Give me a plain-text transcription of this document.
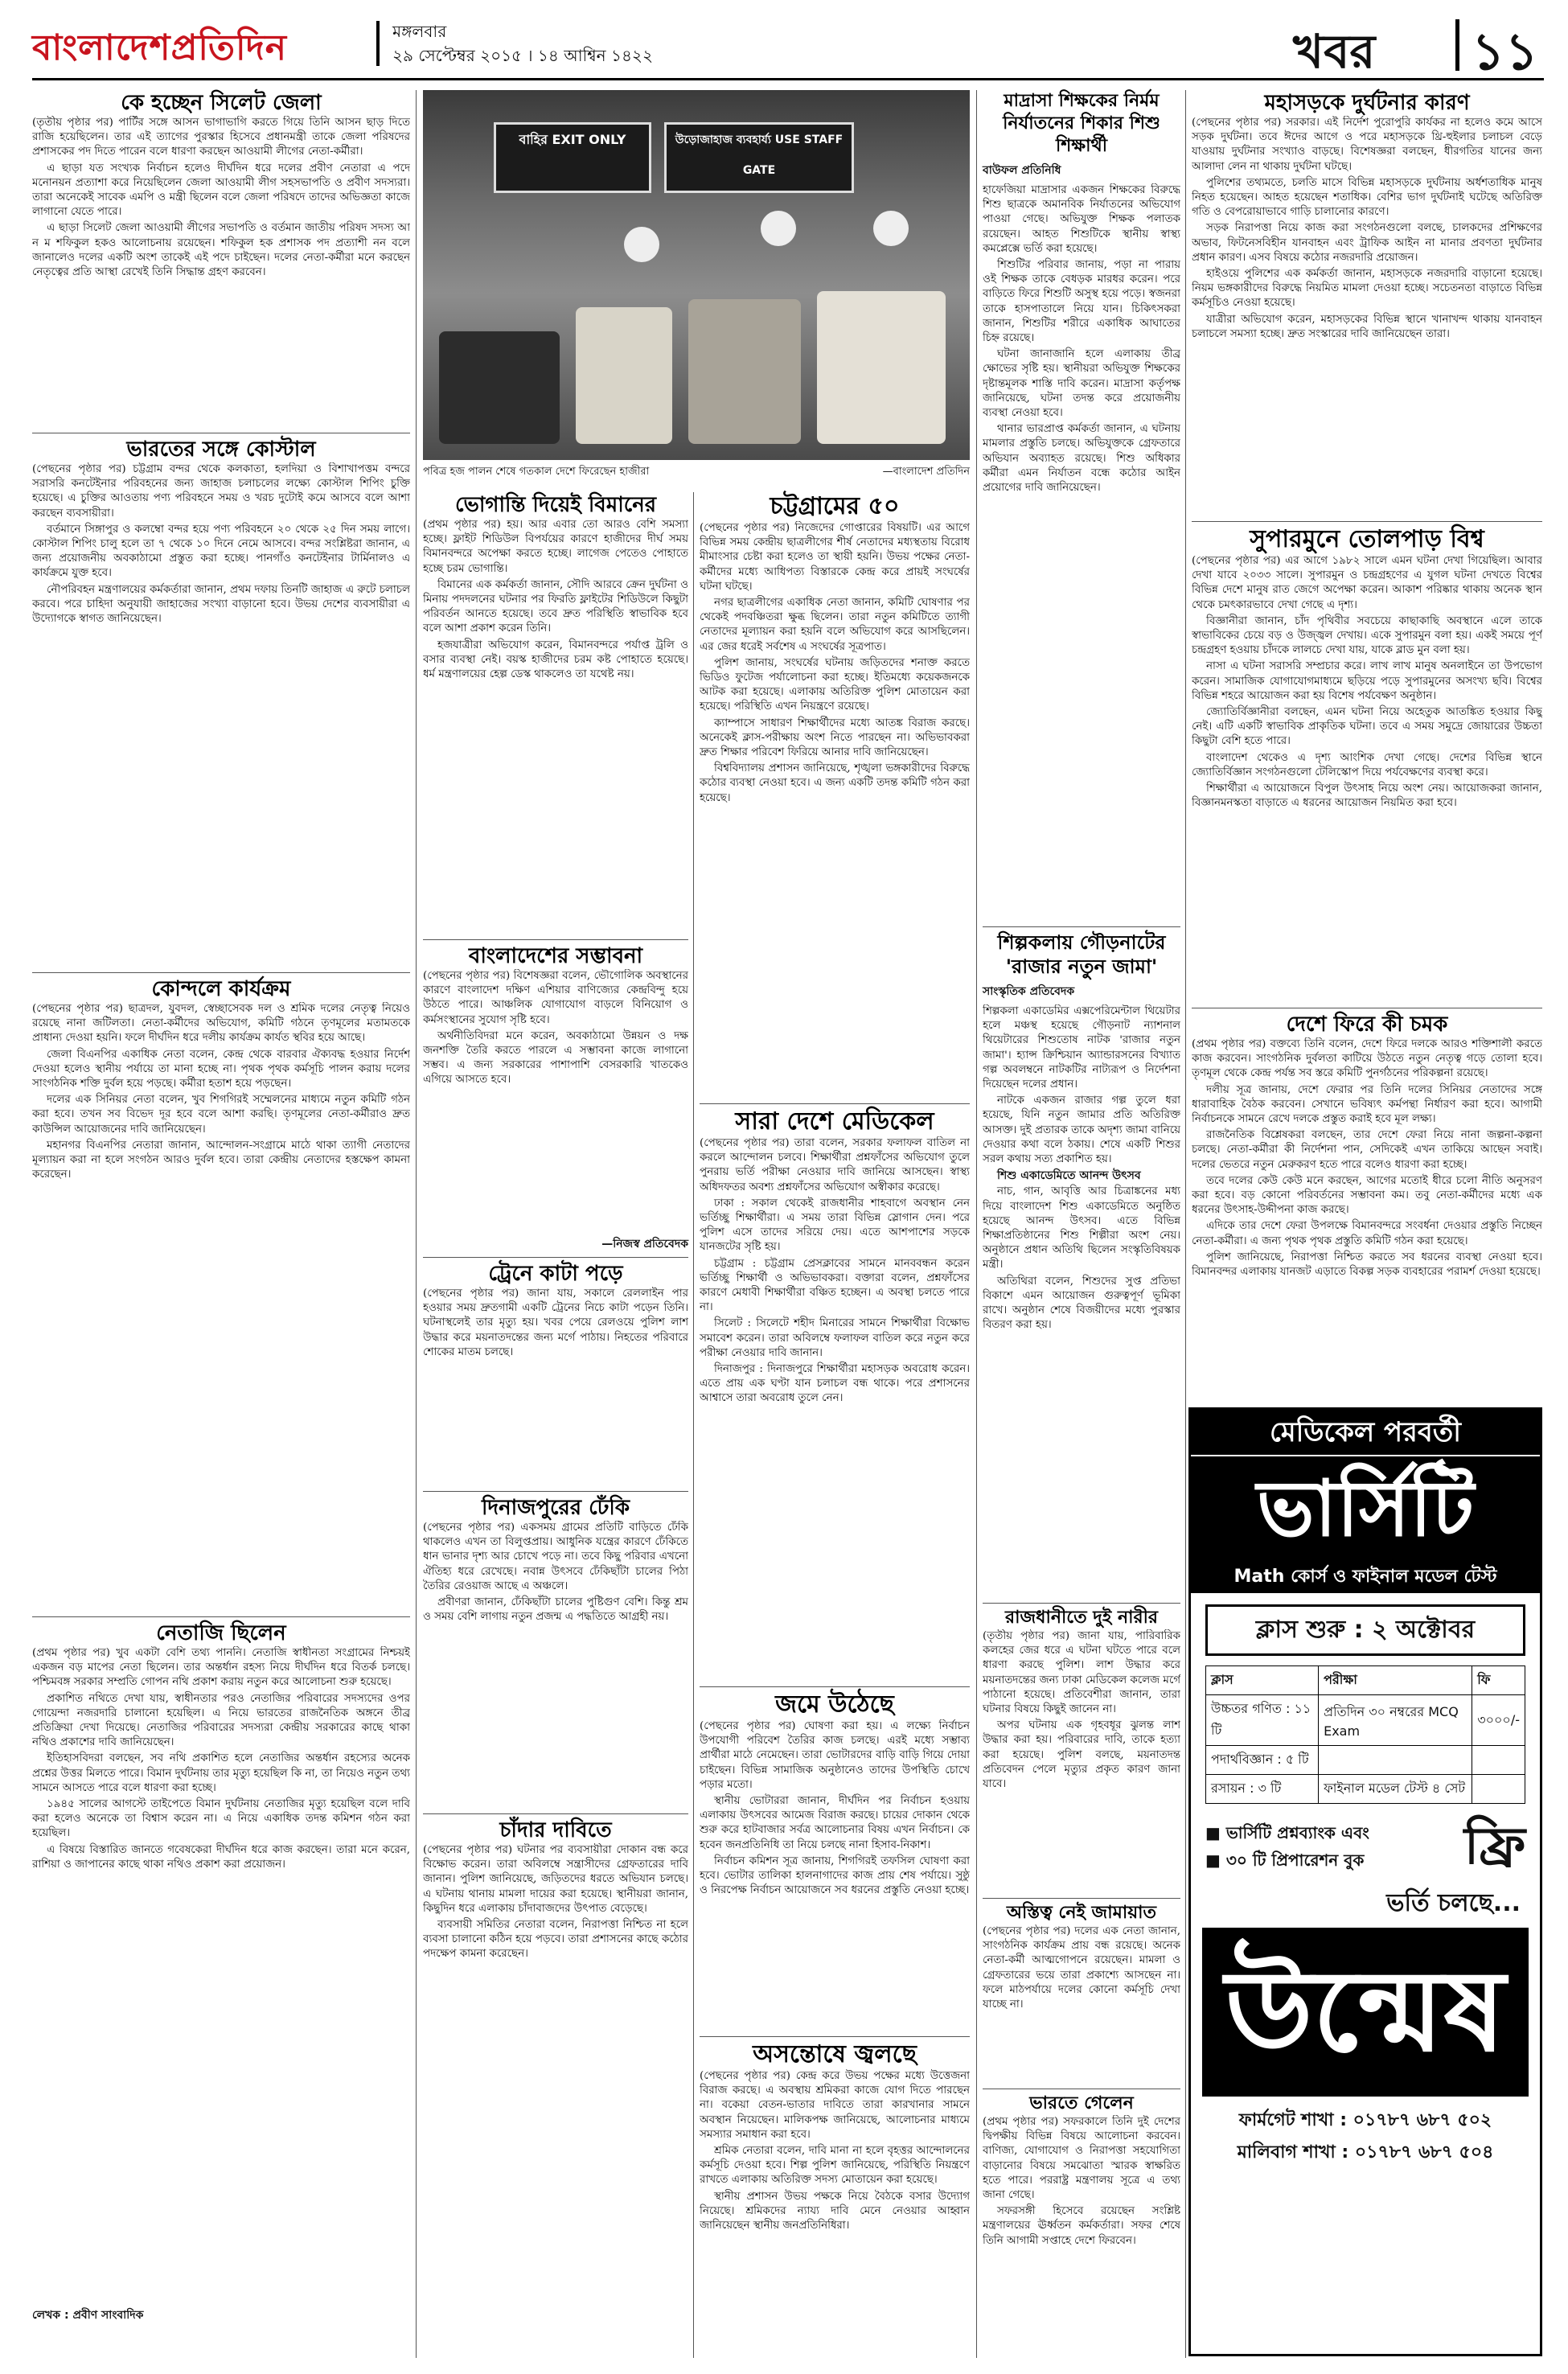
বাংলাদেশপ্রতিদিন	মঙ্গলবার
২৯ সেপ্টেম্বর ২০১৫ । ১৪ আশ্বিন ১৪২২	খবর ১১
কে হচ্ছেন সিলেট জেলা

(তৃতীয় পৃষ্ঠার পর) পার্টির সঙ্গে আসন ভাগাভাগি করতে গিয়ে তিনি আসন ছাড় দিতে রাজি হয়েছিলেন। তার এই ত্যাগের পুরস্কার হিসেবে প্রধানমন্ত্রী তাকে জেলা পরিষদের প্রশাসকের পদ দিতে পারেন বলে ধারণা করছেন আওয়ামী লীগের নেতা-কর্মীরা।

এ ছাড়া যত সংখ্যক নির্বাচন হলেও দীর্ঘদিন ধরে দলের প্রবীণ নেতারা এ পদে মনোনয়ন প্রত্যাশা করে নিয়েছিলেন জেলা আওয়ামী লীগ সহসভাপতি ও প্রবীণ সদস্যরা। তারা অনেকেই সাবেক এমপি ও মন্ত্রী ছিলেন বলে জেলা পরিষদে তাদের অভিজ্ঞতা কাজে লাগানো যেতে পারে।

এ ছাড়া সিলেট জেলা আওয়ামী লীগের সভাপতি ও বর্তমান জাতীয় পরিষদ সদস্য আ ন ম শফিকুল হকও আলোচনায় রয়েছেন। শফিকুল হক প্রশাসক পদ প্রত্যাশী নন বলে জানালেও দলের একটি অংশ তাকেই এই পদে চাইছেন। দলের নেতা-কর্মীরা মনে করছেন নেতৃত্বের প্রতি আস্থা রেখেই তিনি সিদ্ধান্ত গ্রহণ করবেন।

ভারতের সঙ্গে কোস্টাল

(পেছনের পৃষ্ঠার পর) চট্টগ্রাম বন্দর থেকে কলকাতা, হলদিয়া ও বিশাখাপত্তম বন্দরে সরাসরি কনটেইনার পরিবহনের জন্য জাহাজ চলাচলের লক্ষ্যে কোস্টাল শিপিং চুক্তি হয়েছে। এ চুক্তির আওতায় পণ্য পরিবহনে সময় ও খরচ দুটোই কমে আসবে বলে আশা করছেন ব্যবসায়ীরা।

বর্তমানে সিঙ্গাপুর ও কলম্বো বন্দর হয়ে পণ্য পরিবহনে ২০ থেকে ২৫ দিন সময় লাগে। কোস্টাল শিপিং চালু হলে তা ৭ থেকে ১০ দিনে নেমে আসবে। বন্দর সংশ্লিষ্টরা জানান, এ জন্য প্রয়োজনীয় অবকাঠামো প্রস্তুত করা হচ্ছে। পানগাঁও কনটেইনার টার্মিনালও এ কার্যক্রমে যুক্ত হবে।

নৌপরিবহন মন্ত্রণালয়ের কর্মকর্তারা জানান, প্রথম দফায় তিনটি জাহাজ এ রুটে চলাচল করবে। পরে চাহিদা অনুযায়ী জাহাজের সংখ্যা বাড়ানো হবে। উভয় দেশের ব্যবসায়ীরা এ উদ্যোগকে স্বাগত জানিয়েছেন।

কোন্দলে কার্যক্রম

(পেছনের পৃষ্ঠার পর) ছাত্রদল, যুবদল, স্বেচ্ছাসেবক দল ও শ্রমিক দলের নেতৃত্ব নিয়েও রয়েছে নানা জটিলতা। নেতা-কর্মীদের অভিযোগ, কমিটি গঠনে তৃণমূলের মতামতকে প্রাধান্য দেওয়া হয়নি। ফলে দীর্ঘদিন ধরে দলীয় কার্যক্রম কার্যত স্থবির হয়ে আছে।

জেলা বিএনপির একাধিক নেতা বলেন, কেন্দ্র থেকে বারবার ঐক্যবদ্ধ হওয়ার নির্দেশ দেওয়া হলেও স্থানীয় পর্যায়ে তা মানা হচ্ছে না। পৃথক পৃথক কর্মসূচি পালন করায় দলের সাংগঠনিক শক্তি দুর্বল হয়ে পড়ছে। কর্মীরা হতাশ হয়ে পড়ছেন।

দলের এক সিনিয়র নেতা বলেন, খুব শিগগিরই সম্মেলনের মাধ্যমে নতুন কমিটি গঠন করা হবে। তখন সব বিভেদ দূর হবে বলে আশা করছি। তৃণমূলের নেতা-কর্মীরাও দ্রুত কাউন্সিল আয়োজনের দাবি জানিয়েছেন।

মহানগর বিএনপির নেতারা জানান, আন্দোলন-সংগ্রামে মাঠে থাকা ত্যাগী নেতাদের মূল্যায়ন করা না হলে সংগঠন আরও দুর্বল হবে। তারা কেন্দ্রীয় নেতাদের হস্তক্ষেপ কামনা করেছেন।

নেতাজি ছিলেন

(প্রথম পৃষ্ঠার পর) খুব একটা বেশি তথ্য পাননি। নেতাজি স্বাধীনতা সংগ্রামের নিশ্চয়ই একজন বড় মাপের নেতা ছিলেন। তার অন্তর্ধান রহস্য নিয়ে দীর্ঘদিন ধরে বিতর্ক চলছে। পশ্চিমবঙ্গ সরকার সম্প্রতি গোপন নথি প্রকাশ করায় নতুন করে আলোচনা শুরু হয়েছে।

প্রকাশিত নথিতে দেখা যায়, স্বাধীনতার পরও নেতাজির পরিবারের সদস্যদের ওপর গোয়েন্দা নজরদারি চালানো হয়েছিল। এ নিয়ে ভারতের রাজনৈতিক অঙ্গনে তীব্র প্রতিক্রিয়া দেখা দিয়েছে। নেতাজির পরিবারের সদস্যরা কেন্দ্রীয় সরকারের কাছে থাকা নথিও প্রকাশের দাবি জানিয়েছেন।

ইতিহাসবিদরা বলছেন, সব নথি প্রকাশিত হলে নেতাজির অন্তর্ধান রহস্যের অনেক প্রশ্নের উত্তর মিলতে পারে। বিমান দুর্ঘটনায় তার মৃত্যু হয়েছিল কি না, তা নিয়েও নতুন তথ্য সামনে আসতে পারে বলে ধারণা করা হচ্ছে।

১৯৪৫ সালের আগস্টে তাইপেতে বিমান দুর্ঘটনায় নেতাজির মৃত্যু হয়েছিল বলে দাবি করা হলেও অনেকে তা বিশ্বাস করেন না। এ নিয়ে একাধিক তদন্ত কমিশন গঠন করা হয়েছিল।

এ বিষয়ে বিস্তারিত জানতে গবেষকেরা দীর্ঘদিন ধরে কাজ করছেন। তারা মনে করেন, রাশিয়া ও জাপানের কাছে থাকা নথিও প্রকাশ করা প্রয়োজন।

লেখক : প্রবীণ সাংবাদিক
বাহির EXIT ONLY	উড়োজাহাজ ব্যবহার্য্য USE STAFF GATE
পবিত্র হজ পালন শেষে গতকাল দেশে ফিরেছেন হাজীরা	—বাংলাদেশ প্রতিদিন
ভোগান্তি দিয়েই বিমানের

(প্রথম পৃষ্ঠার পর) হয়। আর এবার তো আরও বেশি সমস্যা হচ্ছে। ফ্লাইট শিডিউল বিপর্যয়ের কারণে হাজীদের দীর্ঘ সময় বিমানবন্দরে অপেক্ষা করতে হচ্ছে। লাগেজ পেতেও পোহাতে হচ্ছে চরম ভোগান্তি।

বিমানের এক কর্মকর্তা জানান, সৌদি আরবে ক্রেন দুর্ঘটনা ও মিনায় পদদলনের ঘটনার পর ফিরতি ফ্লাইটের শিডিউলে কিছুটা পরিবর্তন আনতে হয়েছে। তবে দ্রুত পরিস্থিতি স্বাভাবিক হবে বলে আশা প্রকাশ করেন তিনি।

হজযাত্রীরা অভিযোগ করেন, বিমানবন্দরে পর্যাপ্ত ট্রলি ও বসার ব্যবস্থা নেই। বয়স্ক হাজীদের চরম কষ্ট পোহাতে হয়েছে। ধর্ম মন্ত্রণালয়ের হেল্প ডেস্ক থাকলেও তা যথেষ্ট নয়।

বাংলাদেশের সম্ভাবনা

(পেছনের পৃষ্ঠার পর) বিশেষজ্ঞরা বলেন, ভৌগোলিক অবস্থানের কারণে বাংলাদেশ দক্ষিণ এশিয়ার বাণিজ্যের কেন্দ্রবিন্দু হয়ে উঠতে পারে। আঞ্চলিক যোগাযোগ বাড়লে বিনিয়োগ ও কর্মসংস্থানের সুযোগ সৃষ্টি হবে।

অর্থনীতিবিদরা মনে করেন, অবকাঠামো উন্নয়ন ও দক্ষ জনশক্তি তৈরি করতে পারলে এ সম্ভাবনা কাজে লাগানো সম্ভব। এ জন্য সরকারের পাশাপাশি বেসরকারি খাতকেও এগিয়ে আসতে হবে।

—নিজস্ব প্রতিবেদক
ট্রেনে কাটা পড়ে

(পেছনের পৃষ্ঠার পর) জানা যায়, সকালে রেললাইন পার হওয়ার সময় দ্রুতগামী একটি ট্রেনের নিচে কাটা পড়েন তিনি। ঘটনাস্থলেই তার মৃত্যু হয়। খবর পেয়ে রেলওয়ে পুলিশ লাশ উদ্ধার করে ময়নাতদন্তের জন্য মর্গে পাঠায়। নিহতের পরিবারে শোকের মাতম চলছে।

দিনাজপুরের ঢেঁকি

(পেছনের পৃষ্ঠার পর) একসময় গ্রামের প্রতিটি বাড়িতে ঢেঁকি থাকলেও এখন তা বিলুপ্তপ্রায়। আধুনিক যন্ত্রের কারণে ঢেঁকিতে ধান ভানার দৃশ্য আর চোখে পড়ে না। তবে কিছু পরিবার এখনো ঐতিহ্য ধরে রেখেছে। নবান্ন উৎসবে ঢেঁকিছাঁটা চালের পিঠা তৈরির রেওয়াজ আছে এ অঞ্চলে।

প্রবীণরা জানান, ঢেঁকিছাঁটা চালের পুষ্টিগুণ বেশি। কিন্তু শ্রম ও সময় বেশি লাগায় নতুন প্রজন্ম এ পদ্ধতিতে আগ্রহী নয়।

চাঁদার দাবিতে

(পেছনের পৃষ্ঠার পর) ঘটনার পর ব্যবসায়ীরা দোকান বন্ধ করে বিক্ষোভ করেন। তারা অবিলম্বে সন্ত্রাসীদের গ্রেফতারের দাবি জানান। পুলিশ জানিয়েছে, জড়িতদের ধরতে অভিযান চলছে। এ ঘটনায় থানায় মামলা দায়ের করা হয়েছে। স্থানীয়রা জানান, কিছুদিন ধরে এলাকায় চাঁদাবাজদের উৎপাত বেড়েছে।

ব্যবসায়ী সমিতির নেতারা বলেন, নিরাপত্তা নিশ্চিত না হলে ব্যবসা চালানো কঠিন হয়ে পড়বে। তারা প্রশাসনের কাছে কঠোর পদক্ষেপ কামনা করেছেন।

চট্টগ্রামের ৫০

(পেছনের পৃষ্ঠার পর) নিজেদের গোপ্তারের বিষয়টি। এর আগে বিভিন্ন সময় কেন্দ্রীয় ছাত্রলীগের শীর্ষ নেতাদের মধ্যস্থতায় বিরোধ মীমাংসার চেষ্টা করা হলেও তা স্থায়ী হয়নি। উভয় পক্ষের নেতা-কর্মীদের মধ্যে আধিপত্য বিস্তারকে কেন্দ্র করে প্রায়ই সংঘর্ষের ঘটনা ঘটছে।

নগর ছাত্রলীগের একাধিক নেতা জানান, কমিটি ঘোষণার পর থেকেই পদবঞ্চিতরা ক্ষুব্ধ ছিলেন। তারা নতুন কমিটিতে ত্যাগী নেতাদের মূল্যায়ন করা হয়নি বলে অভিযোগ করে আসছিলেন। এর জের ধরেই সর্বশেষ এ সংঘর্ষের সূত্রপাত।

পুলিশ জানায়, সংঘর্ষের ঘটনায় জড়িতদের শনাক্ত করতে ভিডিও ফুটেজ পর্যালোচনা করা হচ্ছে। ইতিমধ্যে কয়েকজনকে আটক করা হয়েছে। এলাকায় অতিরিক্ত পুলিশ মোতায়েন করা হয়েছে। পরিস্থিতি এখন নিয়ন্ত্রণে রয়েছে।

ক্যাম্পাসে সাধারণ শিক্ষার্থীদের মধ্যে আতঙ্ক বিরাজ করছে। অনেকেই ক্লাস-পরীক্ষায় অংশ নিতে পারছেন না। অভিভাবকরা দ্রুত শিক্ষার পরিবেশ ফিরিয়ে আনার দাবি জানিয়েছেন।

বিশ্ববিদ্যালয় প্রশাসন জানিয়েছে, শৃঙ্খলা ভঙ্গকারীদের বিরুদ্ধে কঠোর ব্যবস্থা নেওয়া হবে। এ জন্য একটি তদন্ত কমিটি গঠন করা হয়েছে।

সারা দেশে মেডিকেল

(পেছনের পৃষ্ঠার পর) তারা বলেন, সরকার ফলাফল বাতিল না করলে আন্দোলন চলবে। শিক্ষার্থীরা প্রশ্নফাঁসের অভিযোগ তুলে পুনরায় ভর্তি পরীক্ষা নেওয়ার দাবি জানিয়ে আসছেন। স্বাস্থ্য অধিদফতর অবশ্য প্রশ্নফাঁসের অভিযোগ অস্বীকার করেছে।

ঢাকা : সকাল থেকেই রাজধানীর শাহবাগে অবস্থান নেন ভর্তিচ্ছু শিক্ষার্থীরা। এ সময় তারা বিভিন্ন স্লোগান দেন। পরে পুলিশ এসে তাদের সরিয়ে দেয়। এতে আশপাশের সড়কে যানজটের সৃষ্টি হয়।

চট্টগ্রাম : চট্টগ্রাম প্রেসক্লাবের সামনে মানববন্ধন করেন ভর্তিচ্ছু শিক্ষার্থী ও অভিভাবকরা। বক্তারা বলেন, প্রশ্নফাঁসের কারণে মেধাবী শিক্ষার্থীরা বঞ্চিত হচ্ছেন। এ অবস্থা চলতে পারে না।

সিলেট : সিলেটে শহীদ মিনারের সামনে শিক্ষার্থীরা বিক্ষোভ সমাবেশ করেন। তারা অবিলম্বে ফলাফল বাতিল করে নতুন করে পরীক্ষা নেওয়ার দাবি জানান।

দিনাজপুর : দিনাজপুরে শিক্ষার্থীরা মহাসড়ক অবরোধ করেন। এতে প্রায় এক ঘণ্টা যান চলাচল বন্ধ থাকে। পরে প্রশাসনের আশ্বাসে তারা অবরোধ তুলে নেন।

জমে উঠেছে

(পেছনের পৃষ্ঠার পর) ঘোষণা করা হয়। এ লক্ষ্যে নির্বাচন উপযোগী পরিবেশ তৈরির কাজ চলছে। এরই মধ্যে সম্ভাব্য প্রার্থীরা মাঠে নেমেছেন। তারা ভোটারদের বাড়ি বাড়ি গিয়ে দোয়া চাইছেন। বিভিন্ন সামাজিক অনুষ্ঠানেও তাদের উপস্থিতি চোখে পড়ার মতো।

স্থানীয় ভোটাররা জানান, দীর্ঘদিন পর নির্বাচন হওয়ায় এলাকায় উৎসবের আমেজ বিরাজ করছে। চায়ের দোকান থেকে শুরু করে হাটবাজার সর্বত্র আলোচনার বিষয় এখন নির্বাচন। কে হবেন জনপ্রতিনিধি তা নিয়ে চলছে নানা হিসাব-নিকাশ।

নির্বাচন কমিশন সূত্র জানায়, শিগগিরই তফসিল ঘোষণা করা হবে। ভোটার তালিকা হালনাগাদের কাজ প্রায় শেষ পর্যায়ে। সুষ্ঠু ও নিরপেক্ষ নির্বাচন আয়োজনে সব ধরনের প্রস্তুতি নেওয়া হচ্ছে।

অসন্তোষে জ্বলছে

(পেছনের পৃষ্ঠার পর) কেন্দ্র করে উভয় পক্ষের মধ্যে উত্তেজনা বিরাজ করছে। এ অবস্থায় শ্রমিকরা কাজে যোগ দিতে পারছেন না। বকেয়া বেতন-ভাতার দাবিতে তারা কারখানার সামনে অবস্থান নিয়েছেন। মালিকপক্ষ জানিয়েছে, আলোচনার মাধ্যমে সমস্যার সমাধান করা হবে।

শ্রমিক নেতারা বলেন, দাবি মানা না হলে বৃহত্তর আন্দোলনের কর্মসূচি দেওয়া হবে। শিল্প পুলিশ জানিয়েছে, পরিস্থিতি নিয়ন্ত্রণে রাখতে এলাকায় অতিরিক্ত সদস্য মোতায়েন করা হয়েছে।

স্থানীয় প্রশাসন উভয় পক্ষকে নিয়ে বৈঠকে বসার উদ্যোগ নিয়েছে। শ্রমিকদের ন্যায্য দাবি মেনে নেওয়ার আহ্বান জানিয়েছেন স্থানীয় জনপ্রতিনিধিরা।

মাদ্রাসা শিক্ষকের নির্মম নির্যাতনের শিকার শিশু শিক্ষার্থী
বাউফল প্রতিনিধি

হাফেজিয়া মাদ্রাসার একজন শিক্ষকের বিরুদ্ধে শিশু ছাত্রকে অমানবিক নির্যাতনের অভিযোগ পাওয়া গেছে। অভিযুক্ত শিক্ষক পলাতক রয়েছেন। আহত শিশুটিকে স্থানীয় স্বাস্থ্য কমপ্লেক্সে ভর্তি করা হয়েছে।

শিশুটির পরিবার জানায়, পড়া না পারায় ওই শিক্ষক তাকে বেধড়ক মারধর করেন। পরে বাড়িতে ফিরে শিশুটি অসুস্থ হয়ে পড়ে। স্বজনরা তাকে হাসপাতালে নিয়ে যান। চিকিৎসকরা জানান, শিশুটির শরীরে একাধিক আঘাতের চিহ্ন রয়েছে।

ঘটনা জানাজানি হলে এলাকায় তীব্র ক্ষোভের সৃষ্টি হয়। স্থানীয়রা অভিযুক্ত শিক্ষকের দৃষ্টান্তমূলক শাস্তি দাবি করেন। মাদ্রাসা কর্তৃপক্ষ জানিয়েছে, ঘটনা তদন্ত করে প্রয়োজনীয় ব্যবস্থা নেওয়া হবে।

থানার ভারপ্রাপ্ত কর্মকর্তা জানান, এ ঘটনায় মামলার প্রস্তুতি চলছে। অভিযুক্তকে গ্রেফতারে অভিযান অব্যাহত রয়েছে। শিশু অধিকার কর্মীরা এমন নির্যাতন বন্ধে কঠোর আইন প্রয়োগের দাবি জানিয়েছেন।

শিল্পকলায় গৌড়নাটের 'রাজার নতুন জামা'
সাংস্কৃতিক প্রতিবেদক

শিল্পকলা একাডেমির এক্সপেরিমেন্টাল থিয়েটার হলে মঞ্চস্থ হয়েছে গৌড়নাট ন্যাশনাল থিয়েটারের শিশুতোষ নাটক 'রাজার নতুন জামা'। হ্যান্স ক্রিশ্চিয়ান অ্যান্ডারসনের বিখ্যাত গল্প অবলম্বনে নাটকটির নাট্যরূপ ও নির্দেশনা দিয়েছেন দলের প্রধান।

নাটকে একজন রাজার গল্প তুলে ধরা হয়েছে, যিনি নতুন জামার প্রতি অতিরিক্ত আসক্ত। দুই প্রতারক তাকে অদৃশ্য জামা বানিয়ে দেওয়ার কথা বলে ঠকায়। শেষে একটি শিশুর সরল কথায় সত্য প্রকাশিত হয়।

শিশু একাডেমিতে আনন্দ উৎসব

নাচ, গান, আবৃত্তি আর চিত্রাঙ্কনের মধ্য দিয়ে বাংলাদেশ শিশু একাডেমিতে অনুষ্ঠিত হয়েছে আনন্দ উৎসব। এতে বিভিন্ন শিক্ষাপ্রতিষ্ঠানের শিশু শিল্পীরা অংশ নেয়। অনুষ্ঠানে প্রধান অতিথি ছিলেন সংস্কৃতিবিষয়ক মন্ত্রী।

অতিথিরা বলেন, শিশুদের সুপ্ত প্রতিভা বিকাশে এমন আয়োজন গুরুত্বপূর্ণ ভূমিকা রাখে। অনুষ্ঠান শেষে বিজয়ীদের মধ্যে পুরস্কার বিতরণ করা হয়।

রাজধানীতে দুই নারীর

(তৃতীয় পৃষ্ঠার পর) জানা যায়, পারিবারিক কলহের জের ধরে এ ঘটনা ঘটতে পারে বলে ধারণা করছে পুলিশ। লাশ উদ্ধার করে ময়নাতদন্তের জন্য ঢাকা মেডিকেল কলেজ মর্গে পাঠানো হয়েছে। প্রতিবেশীরা জানান, তারা ঘটনার বিষয়ে কিছুই জানেন না।

অপর ঘটনায় এক গৃহবধূর ঝুলন্ত লাশ উদ্ধার করা হয়। পরিবারের দাবি, তাকে হত্যা করা হয়েছে। পুলিশ বলছে, ময়নাতদন্ত প্রতিবেদন পেলে মৃত্যুর প্রকৃত কারণ জানা যাবে।

অস্তিত্ব নেই জামায়াত

(পেছনের পৃষ্ঠার পর) দলের এক নেতা জানান, সাংগঠনিক কার্যক্রম প্রায় বন্ধ রয়েছে। অনেক নেতা-কর্মী আত্মগোপনে রয়েছেন। মামলা ও গ্রেফতারের ভয়ে তারা প্রকাশ্যে আসছেন না। ফলে মাঠপর্যায়ে দলের কোনো কর্মসূচি দেখা যাচ্ছে না।

ভারতে গেলেন

(প্রথম পৃষ্ঠার পর) সফরকালে তিনি দুই দেশের দ্বিপক্ষীয় বিভিন্ন বিষয়ে আলোচনা করবেন। বাণিজ্য, যোগাযোগ ও নিরাপত্তা সহযোগিতা বাড়ানোর বিষয়ে সমঝোতা স্মারক স্বাক্ষরিত হতে পারে। পররাষ্ট্র মন্ত্রণালয় সূত্রে এ তথ্য জানা গেছে।

সফরসঙ্গী হিসেবে রয়েছেন সংশ্লিষ্ট মন্ত্রণালয়ের ঊর্ধ্বতন কর্মকর্তারা। সফর শেষে তিনি আগামী সপ্তাহে দেশে ফিরবেন।

মহাসড়কে দুর্ঘটনার কারণ

(পেছনের পৃষ্ঠার পর) সরকার। এই নির্দেশ পুরোপুরি কার্যকর না হলেও কমে আসে সড়ক দুর্ঘটনা। তবে ঈদের আগে ও পরে মহাসড়কে থ্রি-হুইলার চলাচল বেড়ে যাওয়ায় দুর্ঘটনার সংখ্যাও বাড়ছে। বিশেষজ্ঞরা বলছেন, ধীরগতির যানের জন্য আলাদা লেন না থাকায় দুর্ঘটনা ঘটছে।

পুলিশের তথ্যমতে, চলতি মাসে বিভিন্ন মহাসড়কে দুর্ঘটনায় অর্ধশতাধিক মানুষ নিহত হয়েছেন। আহত হয়েছেন শতাধিক। বেশির ভাগ দুর্ঘটনাই ঘটেছে অতিরিক্ত গতি ও বেপরোয়াভাবে গাড়ি চালানোর কারণে।

সড়ক নিরাপত্তা নিয়ে কাজ করা সংগঠনগুলো বলছে, চালকদের প্রশিক্ষণের অভাব, ফিটনেসবিহীন যানবাহন এবং ট্রাফিক আইন না মানার প্রবণতা দুর্ঘটনার প্রধান কারণ। এসব বিষয়ে কঠোর নজরদারি প্রয়োজন।

হাইওয়ে পুলিশের এক কর্মকর্তা জানান, মহাসড়কে নজরদারি বাড়ানো হয়েছে। নিয়ম ভঙ্গকারীদের বিরুদ্ধে নিয়মিত মামলা দেওয়া হচ্ছে। সচেতনতা বাড়াতে বিভিন্ন কর্মসূচিও নেওয়া হয়েছে।

যাত্রীরা অভিযোগ করেন, মহাসড়কের বিভিন্ন স্থানে খানাখন্দ থাকায় যানবাহন চলাচলে সমস্যা হচ্ছে। দ্রুত সংস্কারের দাবি জানিয়েছেন তারা।

সুপারমুনে তোলপাড় বিশ্ব

(পেছনের পৃষ্ঠার পর) এর আগে ১৯৮২ সালে এমন ঘটনা দেখা গিয়েছিল। আবার দেখা যাবে ২০৩৩ সালে। সুপারমুন ও চন্দ্রগ্রহণের এ যুগল ঘটনা দেখতে বিশ্বের বিভিন্ন দেশে মানুষ রাত জেগে অপেক্ষা করেন। আকাশ পরিষ্কার থাকায় অনেক স্থান থেকে চমৎকারভাবে দেখা গেছে এ দৃশ্য।

বিজ্ঞানীরা জানান, চাঁদ পৃথিবীর সবচেয়ে কাছাকাছি অবস্থানে এলে তাকে স্বাভাবিকের চেয়ে বড় ও উজ্জ্বল দেখায়। একে সুপারমুন বলা হয়। একই সময়ে পূর্ণ চন্দ্রগ্রহণ হওয়ায় চাঁদকে লালচে দেখা যায়, যাকে ব্লাড মুন বলা হয়।

নাসা এ ঘটনা সরাসরি সম্প্রচার করে। লাখ লাখ মানুষ অনলাইনে তা উপভোগ করেন। সামাজিক যোগাযোগমাধ্যমে ছড়িয়ে পড়ে সুপারমুনের অসংখ্য ছবি। বিশ্বের বিভিন্ন শহরে আয়োজন করা হয় বিশেষ পর্যবেক্ষণ অনুষ্ঠান।

জ্যোতির্বিজ্ঞানীরা বলছেন, এমন ঘটনা নিয়ে অহেতুক আতঙ্কিত হওয়ার কিছু নেই। এটি একটি স্বাভাবিক প্রাকৃতিক ঘটনা। তবে এ সময় সমুদ্রে জোয়ারের উচ্চতা কিছুটা বেশি হতে পারে।

বাংলাদেশ থেকেও এ দৃশ্য আংশিক দেখা গেছে। দেশের বিভিন্ন স্থানে জ্যোতির্বিজ্ঞান সংগঠনগুলো টেলিস্কোপ দিয়ে পর্যবেক্ষণের ব্যবস্থা করে।

শিক্ষার্থীরা এ আয়োজনে বিপুল উৎসাহ নিয়ে অংশ নেয়। আয়োজকরা জানান, বিজ্ঞানমনস্কতা বাড়াতে এ ধরনের আয়োজন নিয়মিত করা হবে।

দেশে ফিরে কী চমক

(প্রথম পৃষ্ঠার পর) বক্তব্যে তিনি বলেন, দেশে ফিরে দলকে আরও শক্তিশালী করতে কাজ করবেন। সাংগঠনিক দুর্বলতা কাটিয়ে উঠতে নতুন নেতৃত্ব গড়ে তোলা হবে। তৃণমূল থেকে কেন্দ্র পর্যন্ত সব স্তরে কমিটি পুনর্গঠনের পরিকল্পনা রয়েছে।

দলীয় সূত্র জানায়, দেশে ফেরার পর তিনি দলের সিনিয়র নেতাদের সঙ্গে ধারাবাহিক বৈঠক করবেন। সেখানে ভবিষ্যৎ কর্মপন্থা নির্ধারণ করা হবে। আগামী নির্বাচনকে সামনে রেখে দলকে প্রস্তুত করাই হবে মূল লক্ষ্য।

রাজনৈতিক বিশ্লেষকরা বলছেন, তার দেশে ফেরা নিয়ে নানা জল্পনা-কল্পনা চলছে। নেতা-কর্মীরা কী নির্দেশনা পান, সেদিকেই এখন তাকিয়ে আছেন সবাই। দলের ভেতরে নতুন মেরুকরণ হতে পারে বলেও ধারণা করা হচ্ছে।

তবে দলের কেউ কেউ মনে করছেন, আগের মতোই ধীরে চলো নীতি অনুসরণ করা হবে। বড় কোনো পরিবর্তনের সম্ভাবনা কম। তবু নেতা-কর্মীদের মধ্যে এক ধরনের উৎসাহ-উদ্দীপনা কাজ করছে।

এদিকে তার দেশে ফেরা উপলক্ষে বিমানবন্দরে সংবর্ধনা দেওয়ার প্রস্তুতি নিচ্ছেন নেতা-কর্মীরা। এ জন্য পৃথক পৃথক প্রস্তুতি কমিটি গঠন করা হয়েছে।

পুলিশ জানিয়েছে, নিরাপত্তা নিশ্চিত করতে সব ধরনের ব্যবস্থা নেওয়া হবে। বিমানবন্দর এলাকায় যানজট এড়াতে বিকল্প সড়ক ব্যবহারের পরামর্শ দেওয়া হয়েছে।

মেডিকেল পরবর্তী
ভার্সিটি
Math কোর্স ও ফাইনাল মডেল টেস্ট
ক্লাস শুরু : ২ অক্টোবর
ক্লাস	পরীক্ষা	ফি
উচ্চতর গণিত : ১১ টি	প্রতিদিন ৩০ নম্বরের MCQ Exam	৩০০০/-
পদার্থবিজ্ঞান : ৫ টি		
রসায়ন : ৩ টি	ফাইনাল মডেল টেস্ট ৪ সেট	
■ ভার্সিটি প্রশ্নব্যাংক এবং
■ ৩০ টি প্রিপারেশন বুক	ফ্রি
ভর্তি চলছে...
উন্মেষ
ফার্মগেট শাখা : ০১৭৮৭ ৬৮৭ ৫০২
মালিবাগ শাখা : ০১৭৮৭ ৬৮৭ ৫০৪
